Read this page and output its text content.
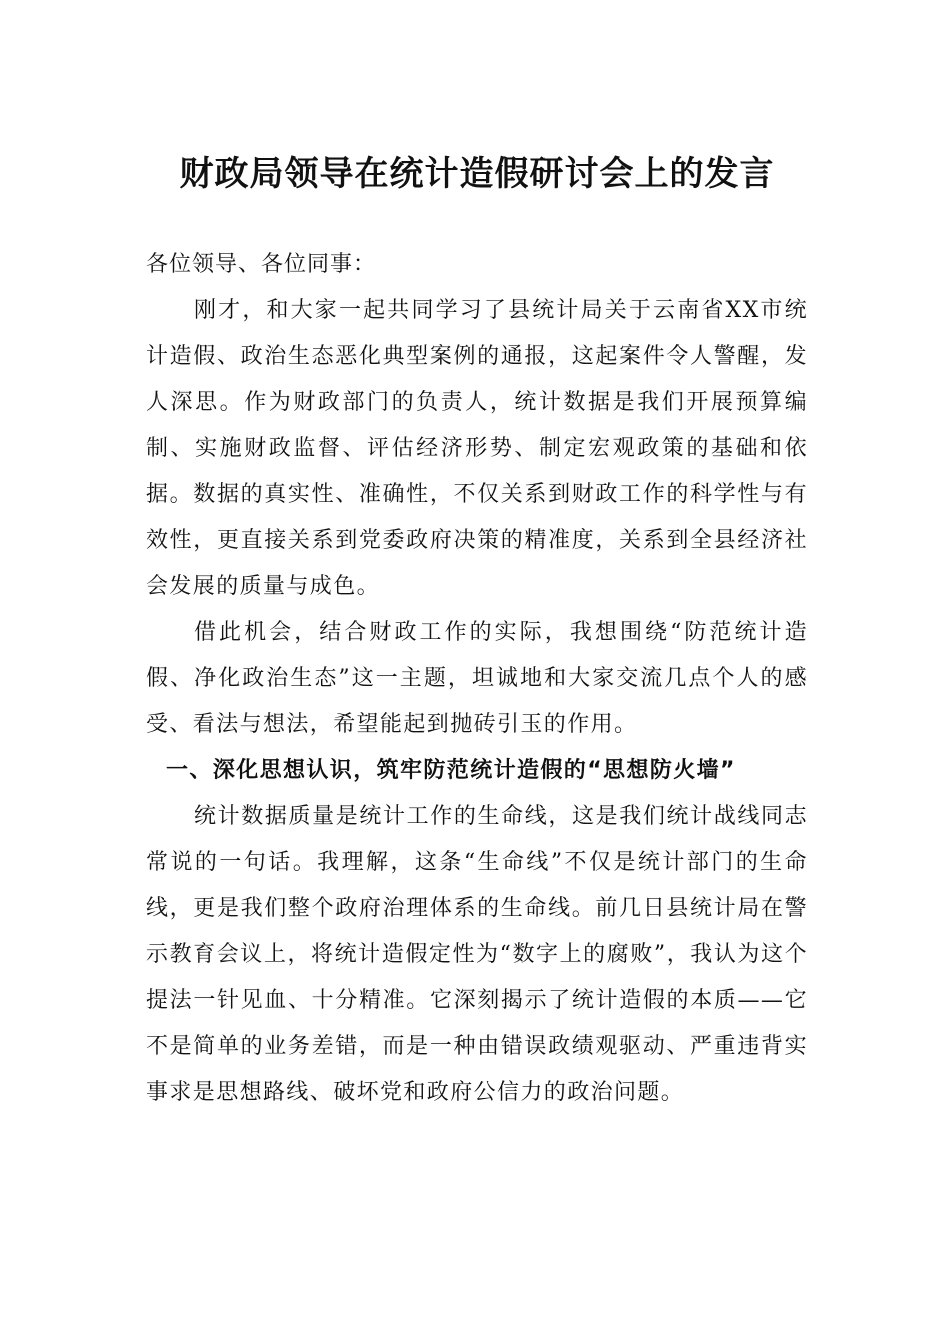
财政局领导在统计造假研讨会上的发言

各位领导、各位同事：

刚才，和大家一起共同学习了县统计局关于云南省XX市统计造假、政治生态恶化典型案例的通报，这起案件令人警醒，发人深思。作为财政部门的负责人，统计数据是我们开展预算编制、实施财政监督、评估经济形势、制定宏观政策的基础和依据。数据的真实性、准确性，不仅关系到财政工作的科学性与有效性，更直接关系到党委政府决策的精准度，关系到全县经济社会发展的质量与成色。

借此机会，结合财政工作的实际，我想围绕“防范统计造假、净化政治生态”这一主题，坦诚地和大家交流几点个人的感受、看法与想法，希望能起到抛砖引玉的作用。

一、深化思想认识，筑牢防范统计造假的“思想防火墙”

统计数据质量是统计工作的生命线，这是我们统计战线同志常说的一句话。我理解，这条“生命线”不仅是统计部门的生命线，更是我们整个政府治理体系的生命线。前几日县统计局在警示教育会议上，将统计造假定性为“数字上的腐败”，我认为这个提法一针见血、十分精准。它深刻揭示了统计造假的本质——它不是简单的业务差错，而是一种由错误政绩观驱动、严重违背实事求是思想路线、破坏党和政府公信力的政治问题。
